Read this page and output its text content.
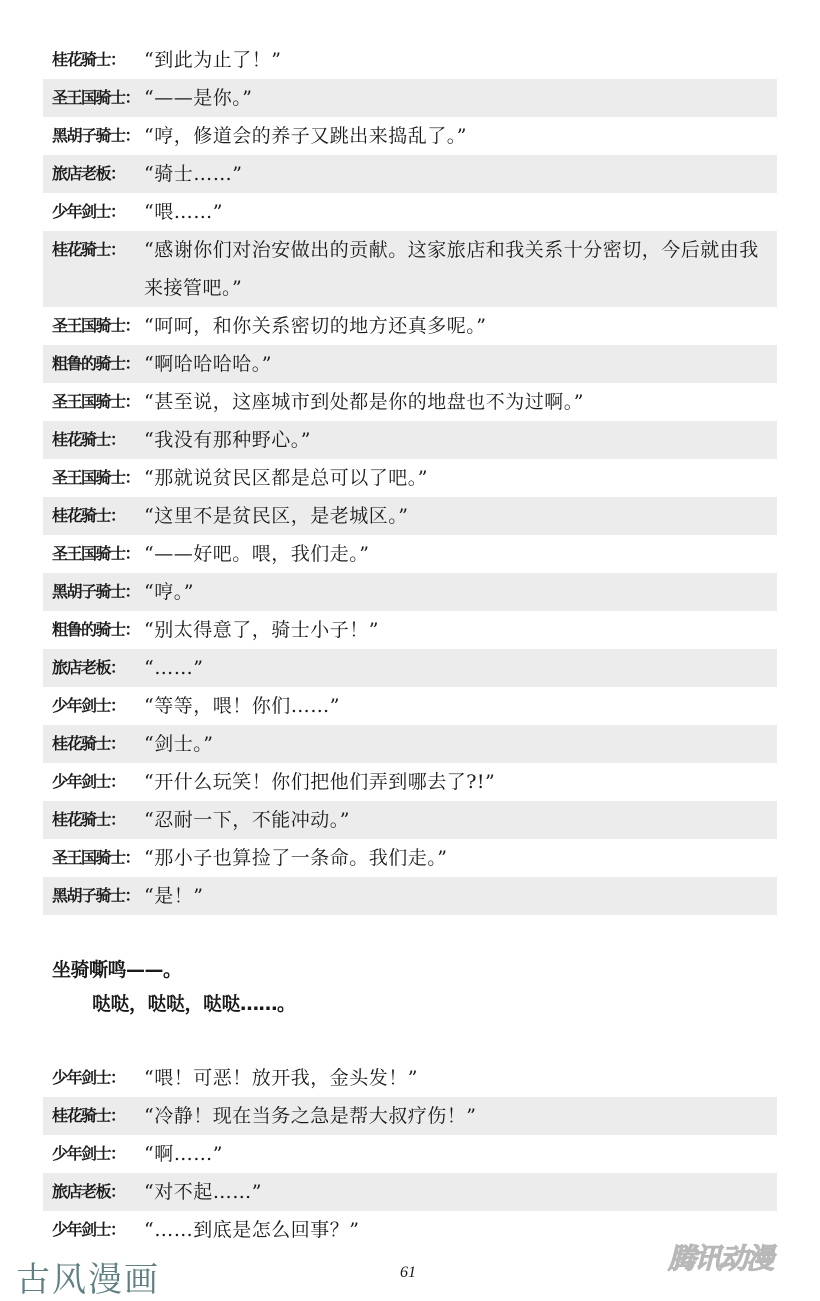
桂花骑士：	“到此为止了！”
圣王国骑士： “——是你。”
黑胡子骑士： “哼，修道会的养子又跳出来捣乱了。”
旅店老板：	“骑士……”
少年剑士：	“喂……”
桂花骑士：	“感谢你们对治安做出的贡献。这家旅店和我关系十分密切，今后就由我来接管吧。”
圣王国骑士： “呵呵，和你关系密切的地方还真多呢。”
粗鲁的骑士： “啊哈哈哈哈。”
圣王国骑士： “甚至说，这座城市到处都是你的地盘也不为过啊。”
桂花骑士：	“我没有那种野心。”
圣王国骑士： “那就说贫民区都是总可以了吧。”
桂花骑士：	“这里不是贫民区，是老城区。”
圣王国骑士： “——好吧。喂，我们走。”
黑胡子骑士： “哼。”
粗鲁的骑士： “别太得意了，骑士小子！”
旅店老板：	“……”
少年剑士：	“等等，喂！你们……”
桂花骑士：	“剑士。”
少年剑士：	“开什么玩笑！你们把他们弄到哪去了?!”
桂花骑士：	“忍耐一下，不能冲动。”
圣王国骑士： “那小子也算捡了一条命。我们走。”
黑胡子骑士： “是！”
坐骑嘶鸣——。
哒哒，哒哒，哒哒……。
少年剑士：	“喂！可恶！放开我，金头发！”
桂花骑士：	“冷静！现在当务之急是帮大叔疗伤！”
少年剑士：	“啊……”
旅店老板：	“对不起……”
少年剑士：	“……到底是怎么回事？”
古风漫画	61	腾讯动漫
